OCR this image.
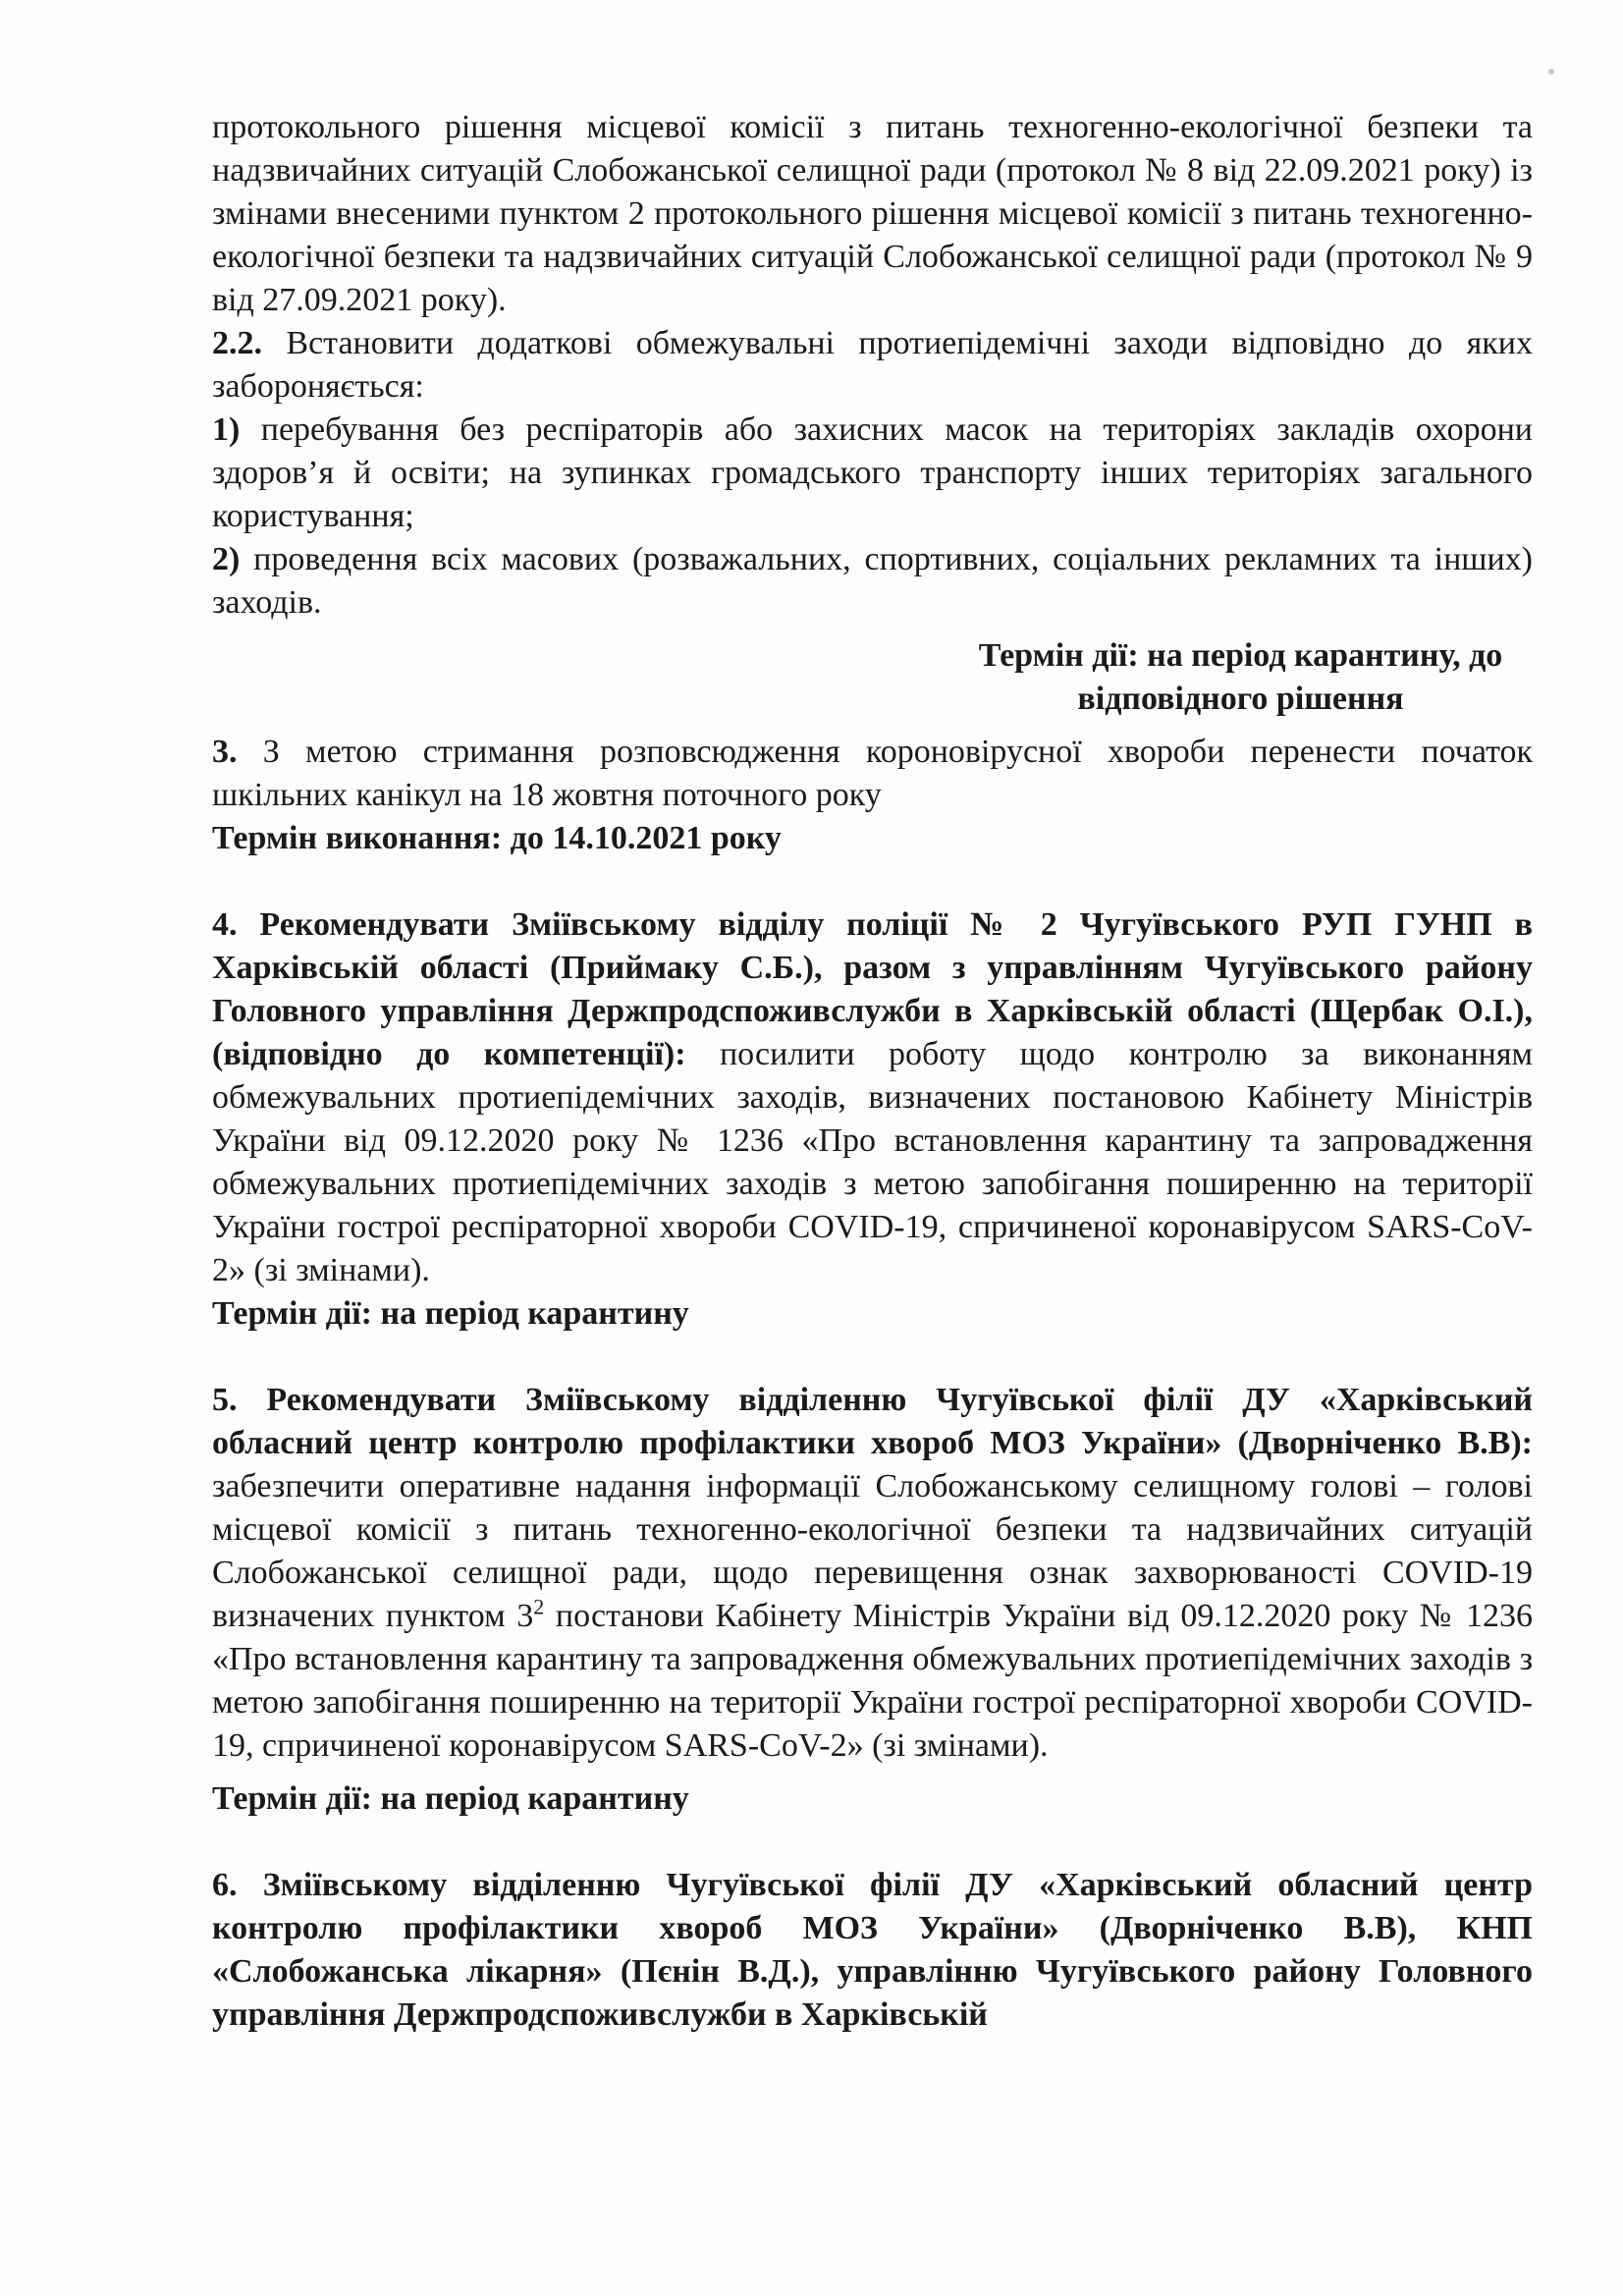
протокольного рішення місцевої комісії з питань техногенно-екологічної безпеки та надзвичайних ситуацій Слобожанської селищної ради (протокол № 8 від 22.09.2021 року) із змінами внесеними пунктом 2 протокольного рішення місцевої комісії з питань техногенно-екологічної безпеки та надзвичайних ситуацій Слобожанської селищної ради (протокол № 9 від 27.09.2021 року).

2.2. Встановити додаткові обмежувальні протиепідемічні заходи відповідно до яких забороняється:

1) перебування без респіраторів або захисних масок на територіях закладів охорони здоров’я й освіти; на зупинках громадського транспорту інших територіях загального користування;

2) проведення всіх масових (розважальних, спортивних, соціальних рекламних та інших) заходів.

Термін дії: на період карантину, до відповідного рішення

3. З метою стримання розповсюдження короновірусної хвороби перенести початок шкільних канікул на 18 жовтня поточного року

Термін виконання: до 14.10.2021 року

4. Рекомендувати Зміївському відділу поліції № 2 Чугуївського РУП ГУНП в Харківській області (Приймаку С.Б.), разом з управлінням Чугуївського району Головного управління Держпродспоживслужби в Харківській області (Щербак О.І.), (відповідно до компетенції): посилити роботу щодо контролю за виконанням обмежувальних протиепідемічних заходів, визначених постановою Кабінету Міністрів України від 09.12.2020 року № 1236 «Про встановлення карантину та запровадження обмежувальних протиепідемічних заходів з метою запобігання поширенню на території України гострої респіраторної хвороби COVID-19, спричиненої коронавірусом SARS-CoV-2» (зі змінами).

Термін дії: на період карантину

5. Рекомендувати Зміївському відділенню Чугуївської філії ДУ «Харківський обласний центр контролю профілактики хвороб МОЗ України» (Дворніченко В.В): забезпечити оперативне надання інформації Слобожанському селищному голові – голові місцевої комісії з питань техногенно-екологічної безпеки та надзвичайних ситуацій Слобожанської селищної ради, щодо перевищення ознак захворюваності COVID-19 визначених пунктом $3^2$ постанови Кабінету Міністрів України від 09.12.2020 року № 1236 «Про встановлення карантину та запровадження обмежувальних протиепідемічних заходів з метою запобігання поширенню на території України гострої респіраторної хвороби COVID-19, спричиненої коронавірусом SARS-CoV-2» (зі змінами).

Термін дії: на період карантину

6. Зміївському відділенню Чугуївської філії ДУ «Харківський обласний центр контролю профілактики хвороб МОЗ України» (Дворніченко В.В), КНП «Слобожанська лікарня» (Пєнін В.Д.), управлінню Чугуївського району Головного управління Держпродспоживслужби в Харківській
